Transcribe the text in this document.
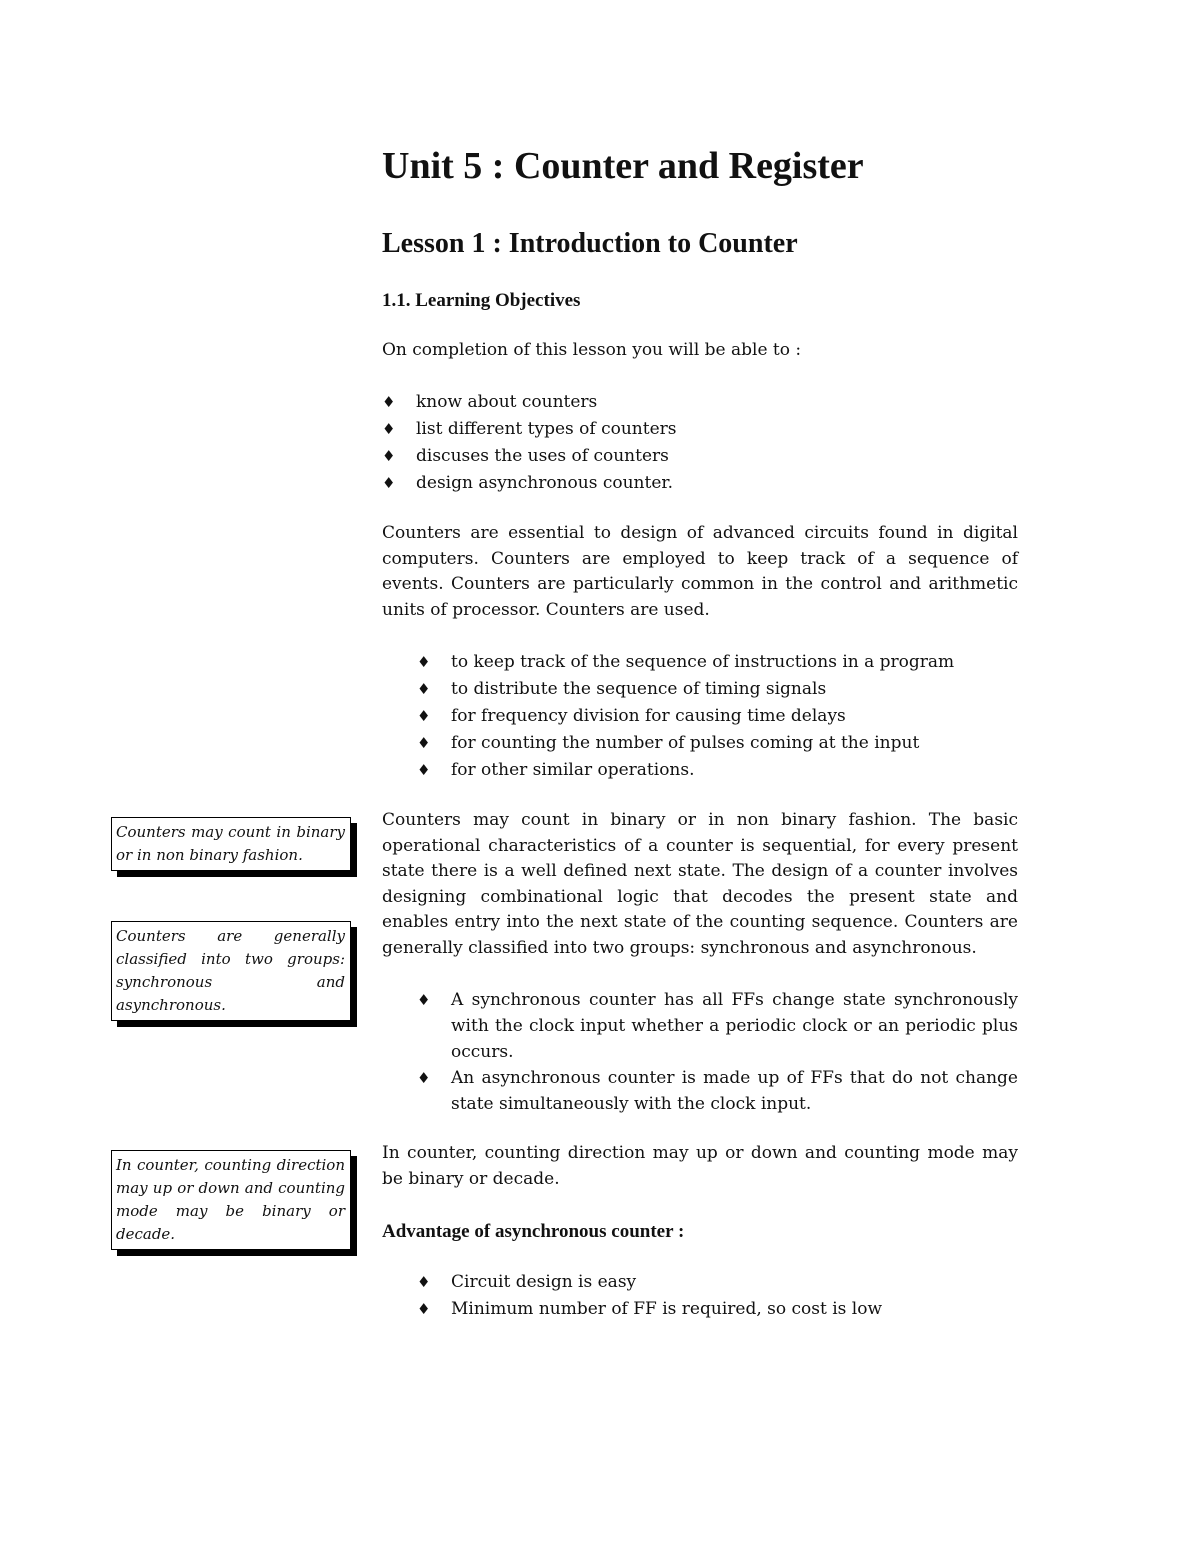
Unit 5 : Counter and Register
Lesson 1 : Introduction to Counter
1.1. Learning Objectives

On completion of this lesson you will be able to :

♦ know about counters
♦ list different types of counters
♦ discuses the uses of counters
♦ design asynchronous counter.

Counters are essential to design of advanced circuits found in digital computers. Counters are employed to keep track of a sequence of events. Counters are particularly common in the control and arithmetic units of processor. Counters are used.

♦ to keep track of the sequence of instructions in a program
♦ to distribute the sequence of timing signals
♦ for frequency division for causing time delays
♦ for counting the number of pulses coming at the input
♦ for other similar operations.

Counters may count in binary or in non binary fashion. The basic operational characteristics of a counter is sequential, for every present state there is a well defined next state. The design of a counter involves designing combinational logic that decodes the present state and enables entry into the next state of the counting sequence. Counters are generally classified into two groups: synchronous and asynchronous.

♦ A synchronous counter has all FFs change state synchronously with the clock input whether a periodic clock or an periodic plus occurs.
♦ An asynchronous counter is made up of FFs that do not change state simultaneously with the clock input.

In counter, counting direction may up or down and counting mode may be binary or decade.

Advantage of asynchronous counter :
♦ Circuit design is easy
♦ Minimum number of FF is required, so cost is low
Counters may count in binary or in non binary fashion.
Counters are generally classified into two groups: synchronous and asynchronous.
In counter, counting direction may up or down and counting mode may be binary or decade.
